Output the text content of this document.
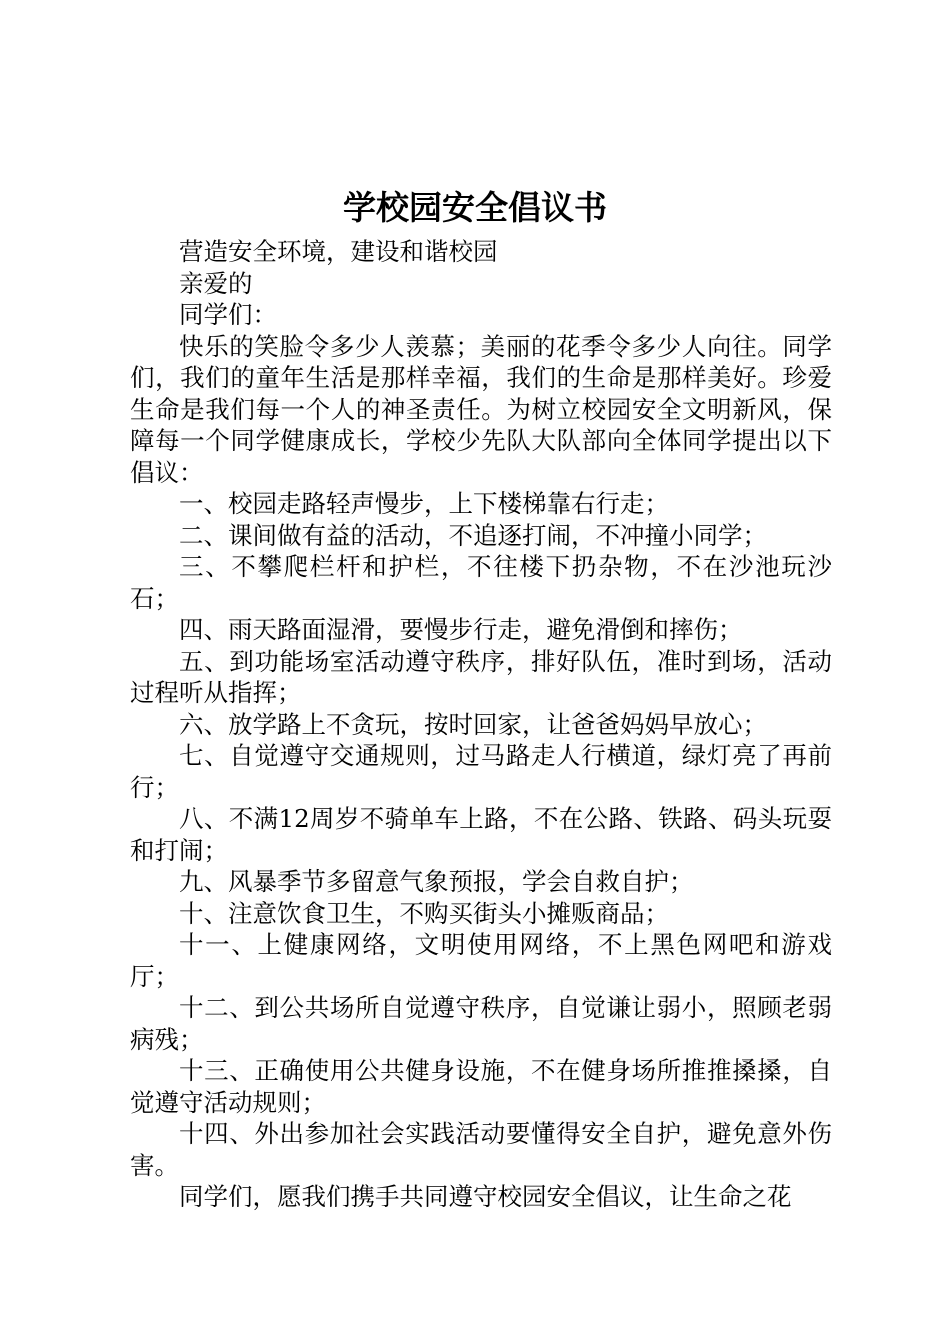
学校园安全倡议书

营造安全环境，建设和谐校园

亲爱的

同学们：

快乐的笑脸令多少人羡慕；美丽的花季令多少人向往。同学们，我们的童年生活是那样幸福，我们的生命是那样美好。珍爱生命是我们每一个人的神圣责任。为树立校园安全文明新风，保障每一个同学健康成长，学校少先队大队部向全体同学提出以下倡议：

一、校园走路轻声慢步，上下楼梯靠右行走；

二、课间做有益的活动，不追逐打闹，不冲撞小同学；

三、不攀爬栏杆和护栏，不往楼下扔杂物，不在沙池玩沙石；

四、雨天路面湿滑，要慢步行走，避免滑倒和摔伤；

五、到功能场室活动遵守秩序，排好队伍，准时到场，活动过程听从指挥；

六、放学路上不贪玩，按时回家，让爸爸妈妈早放心；

七、自觉遵守交通规则，过马路走人行横道，绿灯亮了再前行；

八、不满12周岁不骑单车上路，不在公路、铁路、码头玩耍和打闹；

九、风暴季节多留意气象预报，学会自救自护；

十、注意饮食卫生，不购买街头小摊贩商品；

十一、上健康网络，文明使用网络，不上黑色网吧和游戏厅；

十二、到公共场所自觉遵守秩序，自觉谦让弱小，照顾老弱病残；

十三、正确使用公共健身设施，不在健身场所推推搡搡，自觉遵守活动规则；

十四、外出参加社会实践活动要懂得安全自护，避免意外伤害。

同学们，愿我们携手共同遵守校园安全倡议，让生命之花
